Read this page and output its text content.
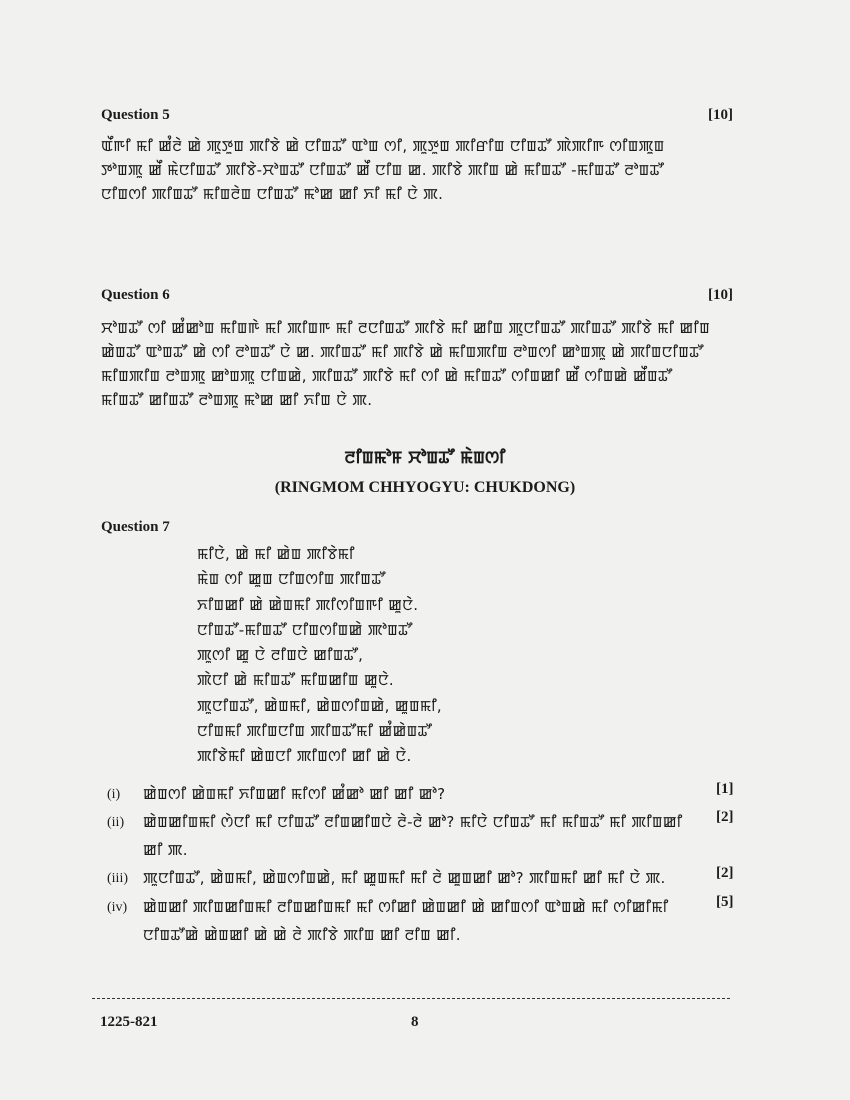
Question 5	[10]
ꯑꯩꯒꯤ ꯃꯤ ꯀꯪꯂꯥ ꯀꯥ ꯄꯨꯇꯨꯡ ꯄꯤꯕꯥ ꯀꯥ ꯅꯤꯡꯊꯧ ꯑꯣꯡ ꯁꯤ, ꯄꯨꯇꯨꯡ ꯄꯤꯔꯤꯡ ꯅꯤꯡꯊꯧ ꯄꯥꯄꯤꯒ ꯁꯤꯡꯄꯨꯡ ꯇꯣꯡꯄꯨ ꯀꯩ ꯃꯥꯅꯤꯡꯊꯧ ꯄꯤꯕꯥ-ꯆꯣꯡꯊꯧ ꯅꯤꯡꯊꯧ ꯀꯩ ꯅꯤꯡ ꯀ. ꯄꯤꯕꯥ ꯄꯤꯡ ꯀꯥ ꯃꯤꯡꯊꯧ -ꯃꯤꯡꯊꯧ ꯂꯣꯡꯊꯧ ꯅꯤꯡꯁꯤ ꯄꯤꯡꯊꯧ ꯃꯤꯡꯂꯥꯡ ꯅꯤꯡꯊꯧ ꯃꯣꯀ ꯀꯤ ꯈꯤ ꯃꯤ ꯅꯥ ꯄ.
Question 6	[10]
ꯆꯣꯡꯊꯧ ꯁꯤ ꯀꯪꯀꯣꯡ ꯃꯤꯡꯒꯥ ꯃꯤ ꯄꯤꯡꯒ ꯃꯤ ꯂꯅꯤꯡꯊꯧ ꯄꯤꯕꯥ ꯃꯤ ꯀꯤꯡ ꯄꯨꯅꯤꯡꯊꯧ ꯄꯤꯡꯊꯧ ꯄꯤꯕꯥ ꯃꯤ ꯀꯤꯡ ꯀꯥꯡꯊꯧ ꯑꯣꯡꯊꯧ ꯀꯥ ꯁꯤ ꯂꯣꯡꯊꯧ ꯅꯥ ꯀ. ꯄꯤꯡꯊꯧ ꯃꯤ ꯄꯤꯕꯥ ꯀꯥ ꯃꯤꯡꯄꯤꯡ ꯂꯣꯡꯁꯤ ꯀꯣꯡꯄꯨ ꯀꯥ ꯄꯤꯡꯅꯤꯡꯊꯧ ꯃꯤꯡꯄꯤꯡ ꯂꯣꯡꯄꯨ ꯀꯣꯡꯄꯨ ꯅꯤꯡꯀꯥ, ꯄꯤꯡꯊꯧ ꯄꯤꯕꯥ ꯃꯤ ꯁꯤ ꯀꯥ ꯃꯤꯡꯊꯧ ꯁꯤꯡꯀꯤ ꯀꯩ ꯁꯤꯡꯀꯥ ꯀꯩꯡꯊꯧ ꯃꯤꯡꯊꯧ ꯀꯤꯡꯊꯧ ꯂꯣꯡꯄꯨ ꯃꯣꯀ ꯀꯤ ꯈꯤꯡ ꯅꯥ ꯄ.
ꯂꯤꯡꯃꯣꯝ ꯆꯣꯡꯊꯧ ꯃꯥꯡꯁꯤ
(RINGMOM CHHYOGYU: CHUKDONG)
Question 7
ꯃꯤꯅꯥ, ꯀꯥ ꯃꯤ ꯀꯥꯡ ꯄꯤꯕꯥꯃꯤ
ꯃꯥꯡ ꯁꯤ ꯀꯨꯡ ꯅꯤꯡꯁꯤꯡ ꯄꯤꯡꯊꯧ
ꯈꯤꯡꯀꯤ ꯀꯥ ꯀꯥꯡꯃꯤ ꯄꯤꯁꯤꯡꯒꯤ ꯀꯨꯅꯥ.
ꯅꯤꯡꯊꯧ-ꯃꯤꯡꯊꯧ ꯅꯤꯡꯁꯤꯡꯀꯥ ꯄꯣꯡꯊꯧ
ꯄꯨꯁꯤ ꯀꯨ ꯅꯥ ꯂꯤꯡꯅꯥ ꯀꯤꯡꯊꯧ,
ꯄꯥꯅꯤ ꯀꯥ ꯃꯤꯡꯊꯧ ꯃꯤꯡꯀꯤꯡ ꯀꯨꯅꯥ.
ꯄꯨꯅꯤꯡꯊꯧ, ꯀꯥꯡꯃꯤ, ꯀꯥꯡꯁꯤꯡꯀꯥ, ꯀꯨꯡꯃꯤ,
ꯅꯤꯡꯃꯤ ꯄꯤꯡꯅꯤꯡ ꯄꯤꯡꯊꯧꯃꯤ ꯀꯪꯀꯥꯡꯊꯧ
ꯄꯤꯕꯥꯃꯤ ꯀꯥꯡꯅꯤ ꯄꯤꯡꯁꯤ ꯀꯤ ꯀꯥ ꯅꯥ.
(i) ꯀꯥꯡꯁꯤ ꯀꯥꯡꯃꯤ ꯈꯤꯡꯀꯤ ꯃꯤꯁꯤ ꯀꯪꯀꯣ ꯀꯤ ꯀꯤ ꯀꯣ?	[1]
(ii) ꯀꯥꯡꯀꯤꯡꯃꯤ ꯁꯥꯅꯤ ꯃꯤ ꯅꯤꯡꯊꯧ ꯂꯤꯡꯀꯤꯡꯅꯥ ꯂꯥ-ꯂꯥ ꯀꯣ? ꯃꯤꯅꯥ ꯅꯤꯡꯊꯧ ꯃꯤ ꯃꯤꯡꯊꯧ ꯃꯤ ꯄꯤꯡꯀꯤ ꯀꯤ ꯄ.
[2]
(iii) ꯄꯨꯅꯤꯡꯊꯧ, ꯀꯥꯡꯃꯤ, ꯀꯥꯡꯁꯤꯡꯀꯥ, ꯃꯤ ꯀꯨꯡꯃꯤ ꯃꯤ ꯂꯥ ꯀꯨꯡꯀꯤ ꯀꯣ? ꯄꯤꯡꯃꯤ ꯀꯤ ꯃꯤ ꯅꯥ ꯄ.	[2]
(iv) ꯀꯥꯡꯀꯤ ꯄꯤꯡꯀꯤꯡꯃꯤ ꯂꯤꯡꯀꯤꯡꯃꯤ ꯃꯤ ꯁꯤꯀꯤ ꯀꯥꯡꯀꯤ ꯀꯥ ꯀꯤꯡꯁꯤ ꯑꯣꯡꯀꯥ ꯃꯤ ꯁꯤꯀꯤꯃꯤ ꯅꯤꯡꯊꯧꯀꯥ ꯀꯥꯡꯀꯤ ꯀꯥ ꯀꯥ ꯂꯥ ꯄꯤꯕꯥ ꯄꯤꯡ ꯀꯤ ꯂꯤꯡ ꯀꯤ.
[5]
1225-821	8
